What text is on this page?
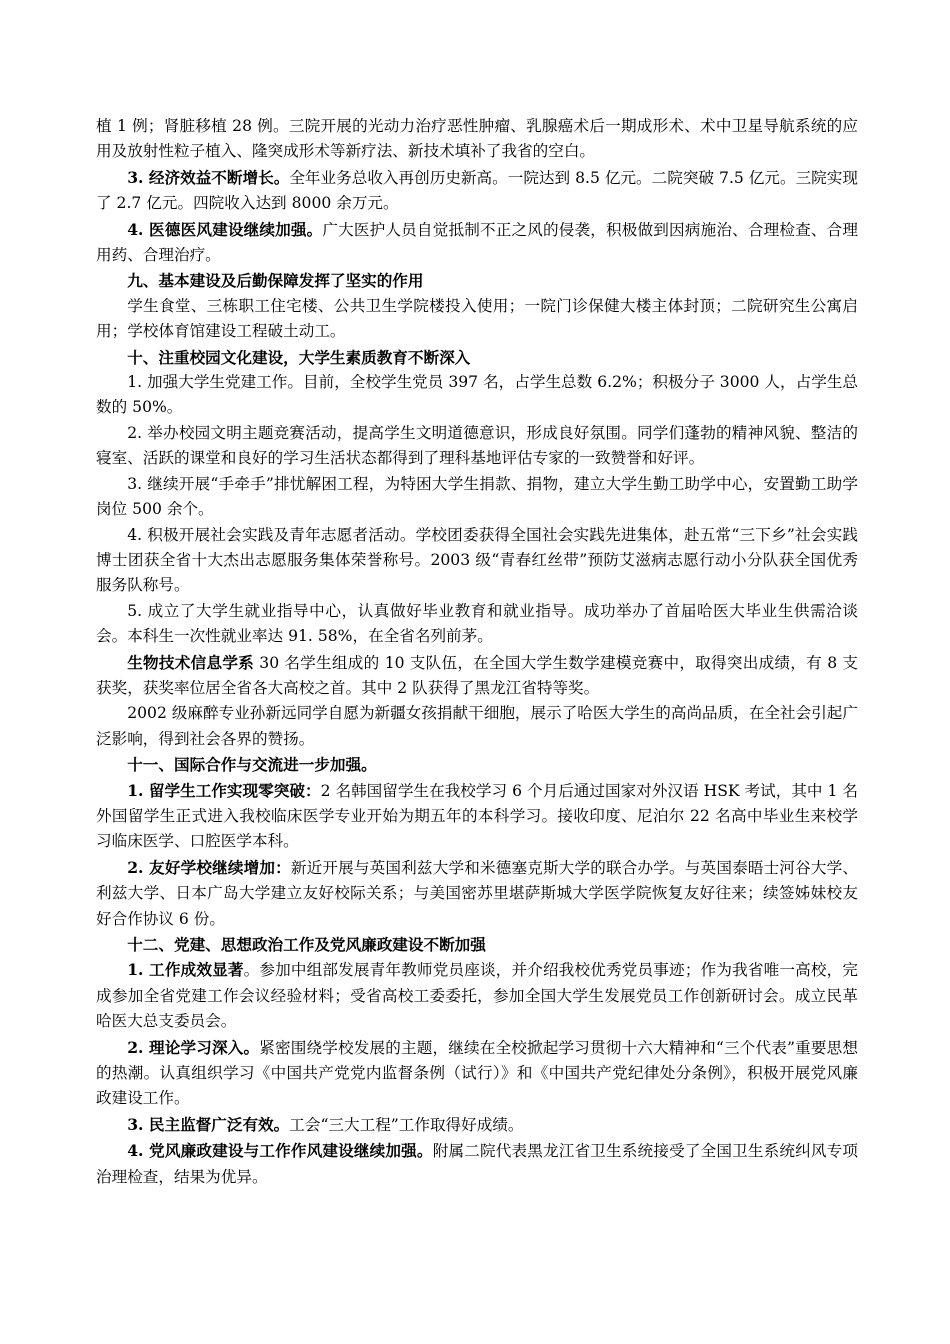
植 1 例；肾脏移植 28 例。三院开展的光动力治疗恶性肿瘤、乳腺癌术后一期成形术、术中卫星导航系统的应用及放射性粒子植入、隆突成形术等新疗法、新技术填补了我省的空白。

3. 经济效益不断增长。全年业务总收入再创历史新高。一院达到 8.5 亿元。二院突破 7.5 亿元。三院实现了 2.7 亿元。四院收入达到 8000 余万元。

4. 医德医风建设继续加强。广大医护人员自觉抵制不正之风的侵袭，积极做到因病施治、合理检查、合理用药、合理治疗。

九、基本建设及后勤保障发挥了坚实的作用

学生食堂、三栋职工住宅楼、公共卫生学院楼投入使用；一院门诊保健大楼主体封顶；二院研究生公寓启用；学校体育馆建设工程破土动工。

十、注重校园文化建设，大学生素质教育不断深入

1. 加强大学生党建工作。目前，全校学生党员 397 名，占学生总数 6.2%；积极分子 3000 人，占学生总数的 50%。

2. 举办校园文明主题竞赛活动，提高学生文明道德意识，形成良好氛围。同学们蓬勃的精神风貌、整洁的寝室、活跃的课堂和良好的学习生活状态都得到了理科基地评估专家的一致赞誉和好评。

3. 继续开展“手牵手”排忧解困工程，为特困大学生捐款、捐物，建立大学生勤工助学中心，安置勤工助学岗位 500 余个。

4. 积极开展社会实践及青年志愿者活动。学校团委获得全国社会实践先进集体，赴五常“三下乡”社会实践博士团获全省十大杰出志愿服务集体荣誉称号。2003 级“青春红丝带”预防艾滋病志愿行动小分队获全国优秀服务队称号。

5. 成立了大学生就业指导中心，认真做好毕业教育和就业指导。成功举办了首届哈医大毕业生供需洽谈会。本科生一次性就业率达 91. 58%，在全省名列前茅。

生物技术信息学系 30 名学生组成的 10 支队伍，在全国大学生数学建模竞赛中，取得突出成绩，有 8 支获奖，获奖率位居全省各大高校之首。其中 2 队获得了黑龙江省特等奖。

2002 级麻醉专业孙新远同学自愿为新疆女孩捐献干细胞，展示了哈医大学生的高尚品质，在全社会引起广泛影响，得到社会各界的赞扬。

十一、国际合作与交流进一步加强。

1. 留学生工作实现零突破：2 名韩国留学生在我校学习 6 个月后通过国家对外汉语 HSK 考试，其中 1 名外国留学生正式进入我校临床医学专业开始为期五年的本科学习。接收印度、尼泊尔 22 名高中毕业生来校学习临床医学、口腔医学本科。

2. 友好学校继续增加：新近开展与英国利兹大学和米德塞克斯大学的联合办学。与英国泰晤士河谷大学、利兹大学、日本广岛大学建立友好校际关系；与美国密苏里堪萨斯城大学医学院恢复友好往来；续签姊妹校友好合作协议 6 份。

十二、党建、思想政治工作及党风廉政建设不断加强

1. 工作成效显著。参加中组部发展青年教师党员座谈，并介绍我校优秀党员事迹；作为我省唯一高校，完成参加全省党建工作会议经验材料；受省高校工委委托，参加全国大学生发展党员工作创新研讨会。成立民革哈医大总支委员会。

2. 理论学习深入。紧密围绕学校发展的主题，继续在全校掀起学习贯彻十六大精神和“三个代表”重要思想的热潮。认真组织学习《中国共产党党内监督条例（试行）》和《中国共产党纪律处分条例》，积极开展党风廉政建设工作。

3. 民主监督广泛有效。工会“三大工程”工作取得好成绩。

4. 党风廉政建设与工作作风建设继续加强。附属二院代表黑龙江省卫生系统接受了全国卫生系统纠风专项治理检查，结果为优异。
